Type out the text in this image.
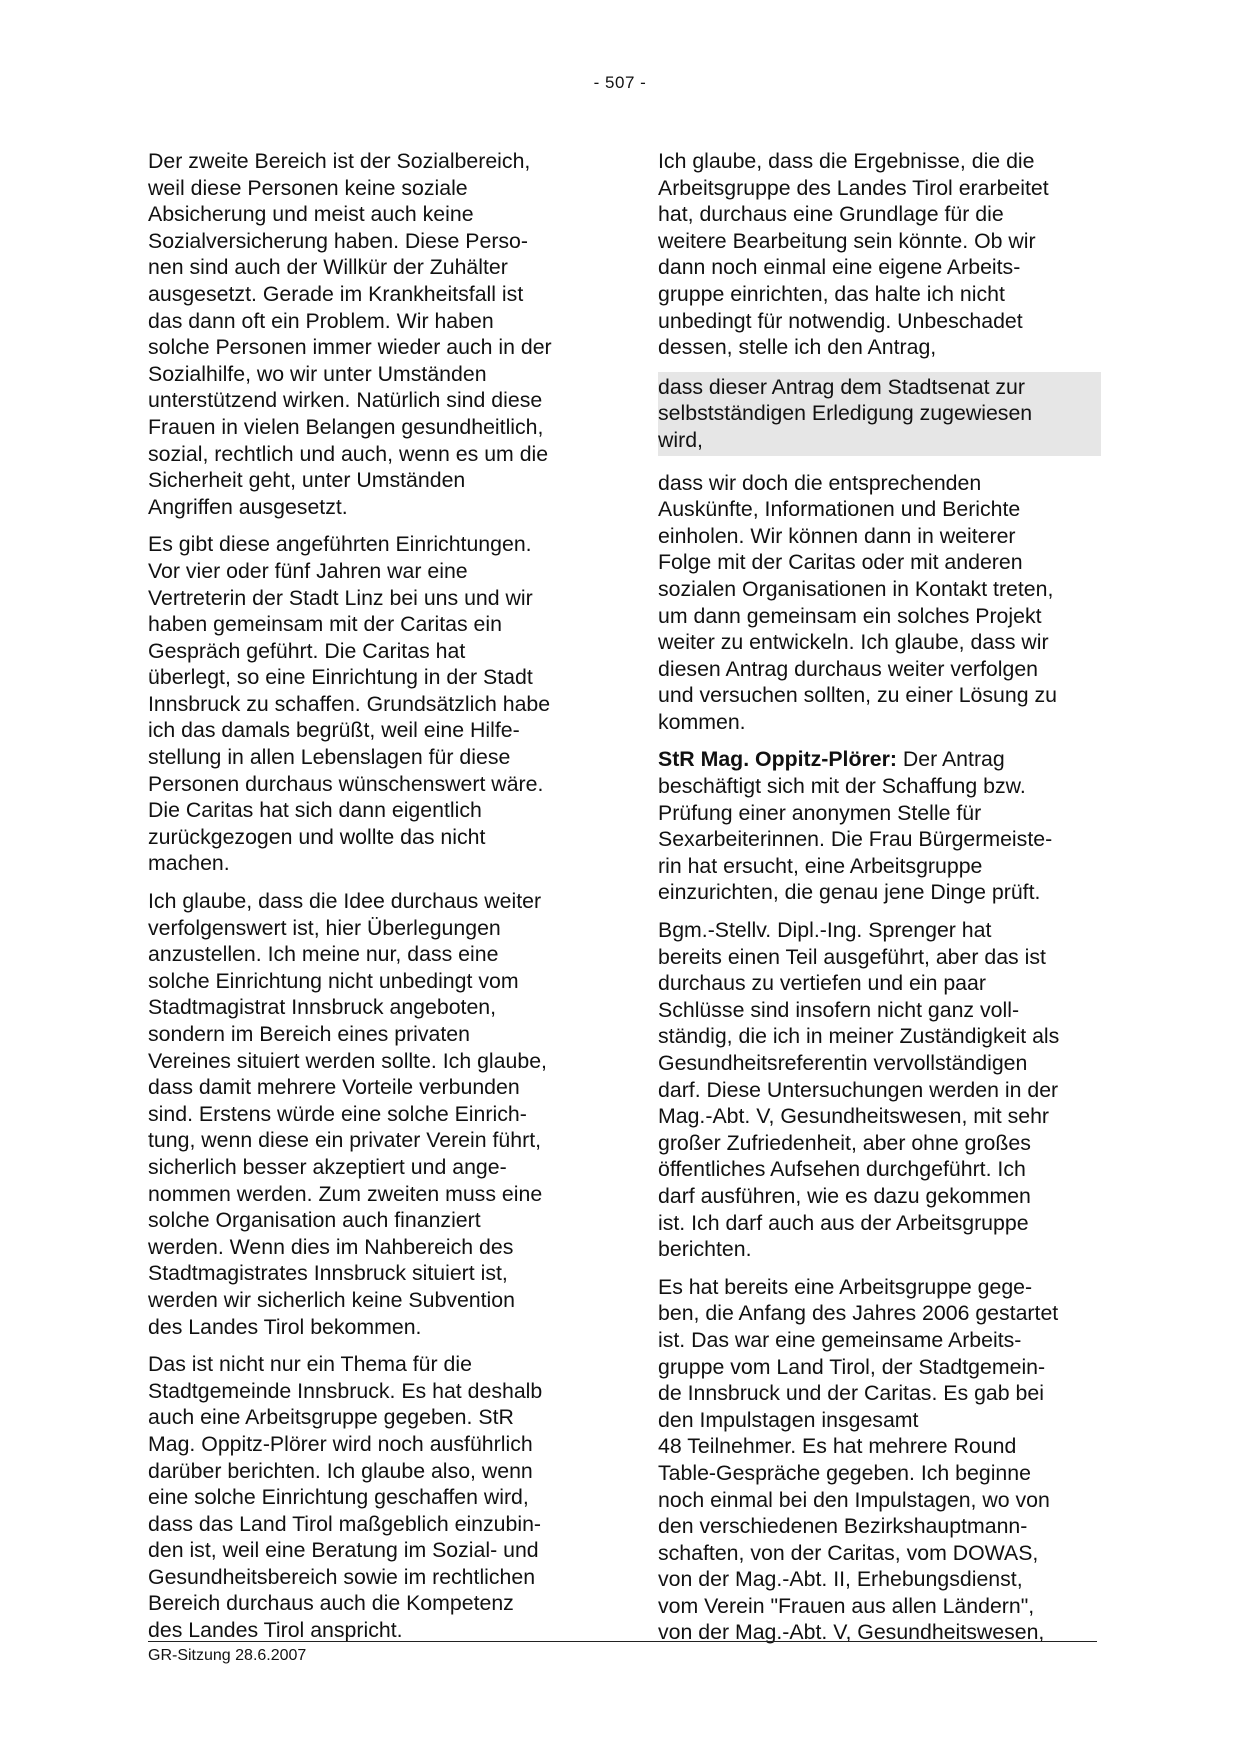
- 507 -

Der zweite Bereich ist der Sozialbereich,
weil diese Personen keine soziale
Absicherung und meist auch keine
Sozialversicherung haben. Diese Perso-
nen sind auch der Willkür der Zuhälter
ausgesetzt. Gerade im Krankheitsfall ist
das dann oft ein Problem. Wir haben
solche Personen immer wieder auch in der
Sozialhilfe, wo wir unter Umständen
unterstützend wirken. Natürlich sind diese
Frauen in vielen Belangen gesundheitlich,
sozial, rechtlich und auch, wenn es um die
Sicherheit geht, unter Umständen
Angriffen ausgesetzt.

Es gibt diese angeführten Einrichtungen.
Vor vier oder fünf Jahren war eine
Vertreterin der Stadt Linz bei uns und wir
haben gemeinsam mit der Caritas ein
Gespräch geführt. Die Caritas hat
überlegt, so eine Einrichtung in der Stadt
Innsbruck zu schaffen. Grundsätzlich habe
ich das damals begrüßt, weil eine Hilfe-
stellung in allen Lebenslagen für diese
Personen durchaus wünschenswert wäre.
Die Caritas hat sich dann eigentlich
zurückgezogen und wollte das nicht
machen.

Ich glaube, dass die Idee durchaus weiter
verfolgenswert ist, hier Überlegungen
anzustellen. Ich meine nur, dass eine
solche Einrichtung nicht unbedingt vom
Stadtmagistrat Innsbruck angeboten,
sondern im Bereich eines privaten
Vereines situiert werden sollte. Ich glaube,
dass damit mehrere Vorteile verbunden
sind. Erstens würde eine solche Einrich-
tung, wenn diese ein privater Verein führt,
sicherlich besser akzeptiert und ange-
nommen werden. Zum zweiten muss eine
solche Organisation auch finanziert
werden. Wenn dies im Nahbereich des
Stadtmagistrates Innsbruck situiert ist,
werden wir sicherlich keine Subvention
des Landes Tirol bekommen.

Das ist nicht nur ein Thema für die
Stadtgemeinde Innsbruck. Es hat deshalb
auch eine Arbeitsgruppe gegeben. StR
Mag. Oppitz-Plörer wird noch ausführlich
darüber berichten. Ich glaube also, wenn
eine solche Einrichtung geschaffen wird,
dass das Land Tirol maßgeblich einzubin-
den ist, weil eine Beratung im Sozial- und
Gesundheitsbereich sowie im rechtlichen
Bereich durchaus auch die Kompetenz
des Landes Tirol anspricht.

Ich glaube, dass die Ergebnisse, die die
Arbeitsgruppe des Landes Tirol erarbeitet
hat, durchaus eine Grundlage für die
weitere Bearbeitung sein könnte. Ob wir
dann noch einmal eine eigene Arbeits-
gruppe einrichten, das halte ich nicht
unbedingt für notwendig. Unbeschadet
dessen, stelle ich den Antrag,

dass dieser Antrag dem Stadtsenat zur
selbstständigen Erledigung zugewiesen
wird,

dass wir doch die entsprechenden
Auskünfte, Informationen und Berichte
einholen. Wir können dann in weiterer
Folge mit der Caritas oder mit anderen
sozialen Organisationen in Kontakt treten,
um dann gemeinsam ein solches Projekt
weiter zu entwickeln. Ich glaube, dass wir
diesen Antrag durchaus weiter verfolgen
und versuchen sollten, zu einer Lösung zu
kommen.

StR Mag. Oppitz-Plörer: Der Antrag
beschäftigt sich mit der Schaffung bzw.
Prüfung einer anonymen Stelle für
Sexarbeiterinnen. Die Frau Bürgermeiste-
rin hat ersucht, eine Arbeitsgruppe
einzurichten, die genau jene Dinge prüft.

Bgm.-Stellv. Dipl.-Ing. Sprenger hat
bereits einen Teil ausgeführt, aber das ist
durchaus zu vertiefen und ein paar
Schlüsse sind insofern nicht ganz voll-
ständig, die ich in meiner Zuständigkeit als
Gesundheitsreferentin vervollständigen
darf. Diese Untersuchungen werden in der
Mag.-Abt. V, Gesundheitswesen, mit sehr
großer Zufriedenheit, aber ohne großes
öffentliches Aufsehen durchgeführt. Ich
darf ausführen, wie es dazu gekommen
ist. Ich darf auch aus der Arbeitsgruppe
berichten.

Es hat bereits eine Arbeitsgruppe gege-
ben, die Anfang des Jahres 2006 gestartet
ist. Das war eine gemeinsame Arbeits-
gruppe vom Land Tirol, der Stadtgemein-
de Innsbruck und der Caritas. Es gab bei
den Impulstagen insgesamt
48 Teilnehmer. Es hat mehrere Round
Table-Gespräche gegeben. Ich beginne
noch einmal bei den Impulstagen, wo von
den verschiedenen Bezirkshauptmann-
schaften, von der Caritas, vom DOWAS,
von der Mag.-Abt. II, Erhebungsdienst,
vom Verein "Frauen aus allen Ländern",
von der Mag.-Abt. V, Gesundheitswesen,

GR-Sitzung 28.6.2007
